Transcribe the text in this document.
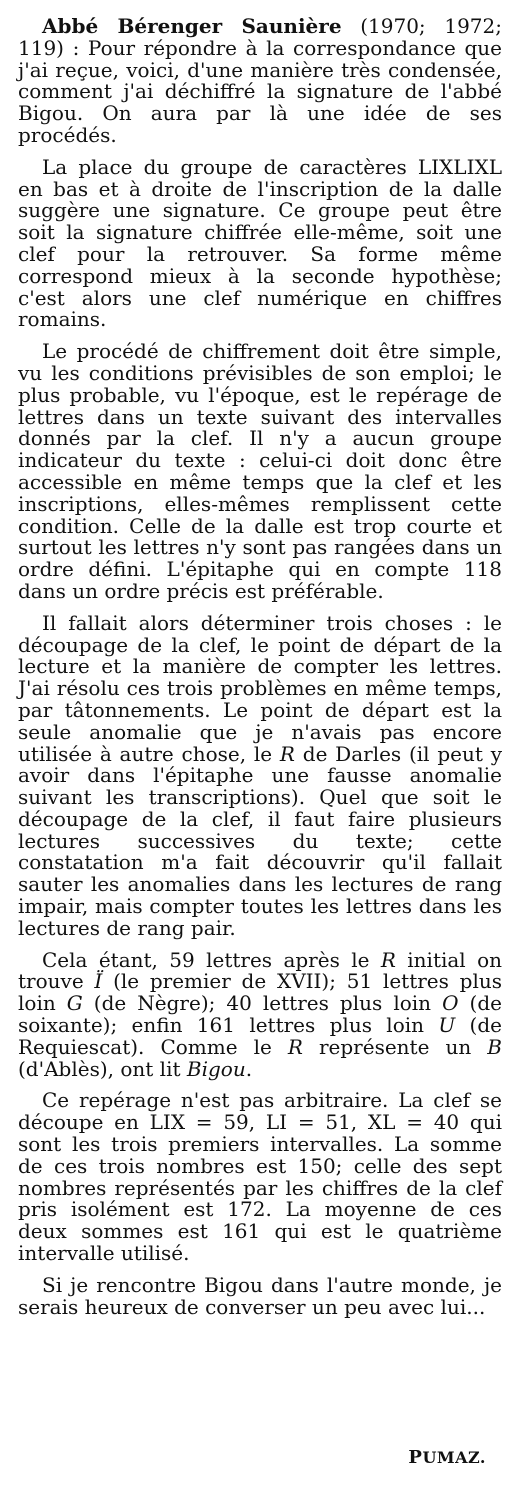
Abbé Bérenger Saunière (1970; 1972; 119) : Pour répondre à la correspondance que j'ai reçue, voici, d'une manière très condensée, comment j'ai déchiffré la signature de l'abbé Bigou. On aura par là une idée de ses procédés.

La place du groupe de caractères LIXLIXL en bas et à droite de l'inscription de la dalle suggère une signature. Ce groupe peut être soit la signature chiffrée elle-même, soit une clef pour la retrouver. Sa forme même correspond mieux à la seconde hypothèse; c'est alors une clef numérique en chiffres romains.

Le procédé de chiffrement doit être simple, vu les conditions prévisibles de son emploi; le plus probable, vu l'époque, est le repérage de lettres dans un texte suivant des intervalles donnés par la clef. Il n'y a aucun groupe indicateur du texte : celui-ci doit donc être accessible en même temps que la clef et les inscriptions, elles-mêmes remplissent cette condition. Celle de la dalle est trop courte et surtout les lettres n'y sont pas rangées dans un ordre défini. L'épitaphe qui en compte 118 dans un ordre précis est préférable.

Il fallait alors déterminer trois choses : le découpage de la clef, le point de départ de la lecture et la manière de compter les lettres. J'ai résolu ces trois problèmes en même temps, par tâtonnements. Le point de départ est la seule anomalie que je n'avais pas encore utilisée à autre chose, le R de Darles (il peut y avoir dans l'épitaphe une fausse anomalie suivant les transcriptions). Quel que soit le découpage de la clef, il faut faire plusieurs lectures successives du texte; cette constatation m'a fait découvrir qu'il fallait sauter les anomalies dans les lectures de rang impair, mais compter toutes les lettres dans les lectures de rang pair.

Cela étant, 59 lettres après le R initial on trouve Ï (le premier de XVII); 51 lettres plus loin G (de Nègre); 40 lettres plus loin O (de soixante); enfin 161 lettres plus loin U (de Requiescat). Comme le R représente un B (d'Ablès), ont lit Bigou.

Ce repérage n'est pas arbitraire. La clef se découpe en LIX = 59, LI = 51, XL = 40 qui sont les trois premiers intervalles. La somme de ces trois nombres est 150; celle des sept nombres représentés par les chiffres de la clef pris isolément est 172. La moyenne de ces deux sommes est 161 qui est le quatrième intervalle utilisé.

Si je rencontre Bigou dans l'autre monde, je serais heureux de converser un peu avec lui...

PUMAZ.
